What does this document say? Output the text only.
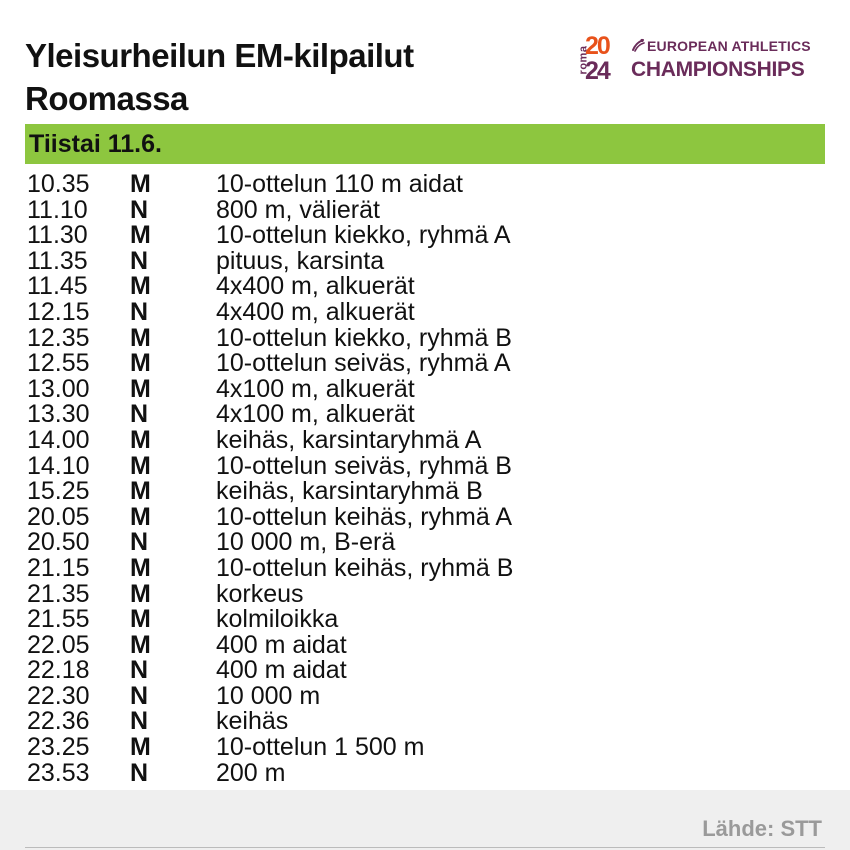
Yleisurheilun EM-kilpailut Roomassa
roma
20
24
EUROPEAN ATHLETICS
CHAMPIONSHIPS
Tiistai 11.6.
10.35 M	10-ottelun 110 m aidat
11.10 N	800 m, välierät
11.30 M	10-ottelun kiekko, ryhmä A
11.35 N	pituus, karsinta
11.45 M	4x400 m, alkuerät
12.15 N	4x400 m, alkuerät
12.35 M	10-ottelun kiekko, ryhmä B
12.55 M	10-ottelun seiväs, ryhmä A
13.00 M	4x100 m, alkuerät
13.30 N	4x100 m, alkuerät
14.00 M	keihäs, karsintaryhmä A
14.10 M	10-ottelun seiväs, ryhmä B
15.25 M	keihäs, karsintaryhmä B
20.05 M	10-ottelun keihäs, ryhmä A
20.50 N	10 000 m, B-erä
21.15 M	10-ottelun keihäs, ryhmä B
21.35 M	korkeus
21.55 M	kolmiloikka
22.05 M	400 m aidat
22.18 N	400 m aidat
22.30 N	10 000 m
22.36 N	keihäs
23.25 M	10-ottelun 1 500 m
23.53 N	200 m
Lähde: STT
